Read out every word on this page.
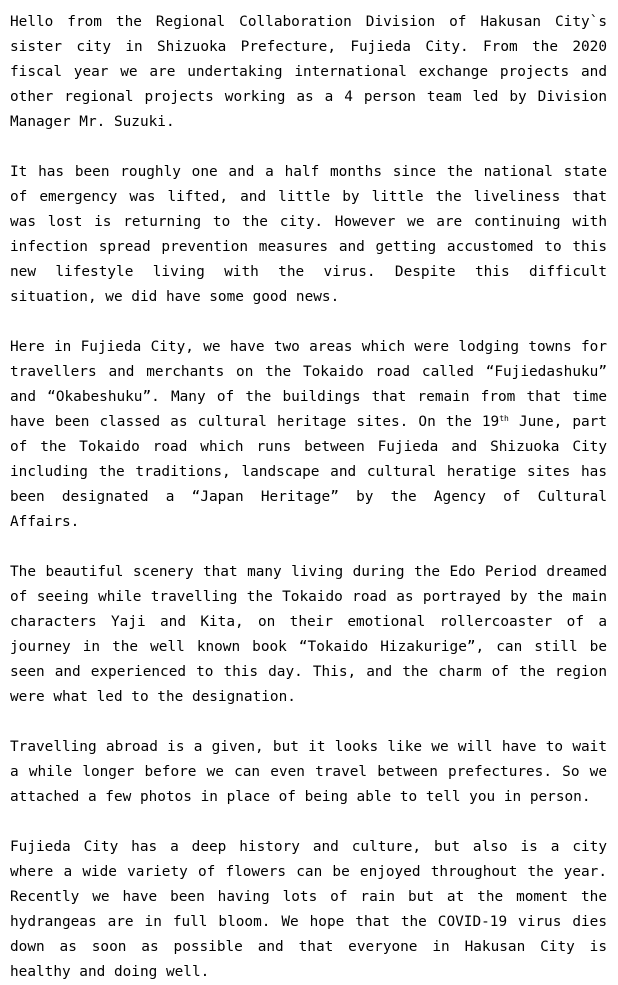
Hello from the Regional Collaboration Division of Hakusan City`s sister city in Shizuoka Prefecture, Fujieda City. From the 2020 fiscal year we are undertaking international exchange projects and other regional projects working as a 4 person team led by Division Manager Mr. Suzuki.

It has been roughly one and a half months since the national state of emergency was lifted, and little by little the liveliness that was lost is returning to the city. However we are continuing with infection spread prevention measures and getting accustomed to this new lifestyle living with the virus. Despite this difficult situation, we did have some good news.

Here in Fujieda City, we have two areas which were lodging towns for travellers and merchants on the Tokaido road called “Fujiedashuku” and “Okabeshuku”. Many of the buildings that remain from that time have been classed as cultural heritage sites. On the 19th June, part of the Tokaido road which runs between Fujieda and Shizuoka City including the traditions, landscape and cultural heratige sites has been designated a “Japan Heritage” by the Agency of Cultural Affairs.

The beautiful scenery that many living during the Edo Period dreamed of seeing while travelling the Tokaido road as portrayed by the main characters Yaji and Kita, on their emotional rollercoaster of a journey in the well known book “Tokaido Hizakurige”, can still be seen and experienced to this day. This, and the charm of the region were what led to the designation.

Travelling abroad is a given, but it looks like we will have to wait a while longer before we can even travel between prefectures. So we attached a few photos in place of being able to tell you in person.

Fujieda City has a deep history and culture, but also is a city where a wide variety of flowers can be enjoyed throughout the year. Recently we have been having lots of rain but at the moment the hydrangeas are in full bloom. We hope that the COVID-19 virus dies down as soon as possible and that everyone in Hakusan City is healthy and doing well.
